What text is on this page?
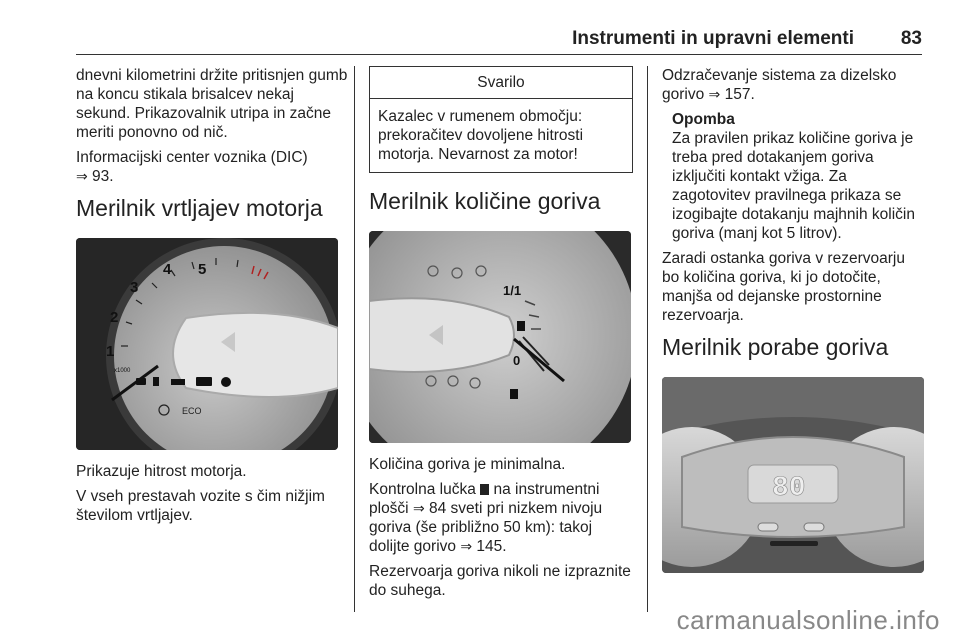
Instrumenti in upravni elementi 83

dnevni kilometrini držite pritisnjen gumb na koncu stikala brisalcev nekaj sekund. Prikazovalnik utripa in začne meriti ponovno od nič.

Informacijski center voznika (DIC)
⇒ 93.

Merilnik vrtljajev motorja
1
2
3
4 5
x1000
ECO

Prikazuje hitrost motorja.

V vseh prestavah vozite s čim nižjim številom vrtljajev.

Svarilo
Kazalec v rumenem območju: prekoračitev dovoljene hitrosti motorja. Nevarnost za motor!
Merilnik količine goriva
0
1/1

Količina goriva je minimalna.

Kontrolna lučka na instrumentni plošči ⇒ 84 sveti pri nizkem nivoju goriva (še približno 50 km): takoj dolijte gorivo ⇒ 145.

Rezervoarja goriva nikoli ne izpraznite do suhega.

Odzračevanje sistema za dizelsko gorivo ⇒ 157.

Opomba

Za pravilen prikaz količine goriva je treba pred dotakanjem goriva izključiti kontakt vžiga. Za zagotovitev pravilnega prikaza se izogibajte dotakanju majhnih količin goriva (manj kot 5 litrov).

Zaradi ostanka goriva v rezervoarju bo količina goriva, ki jo dotočite, manjša od dejanske prostornine rezervoarja.

Merilnik porabe goriva
80
carmanualsonline.info
